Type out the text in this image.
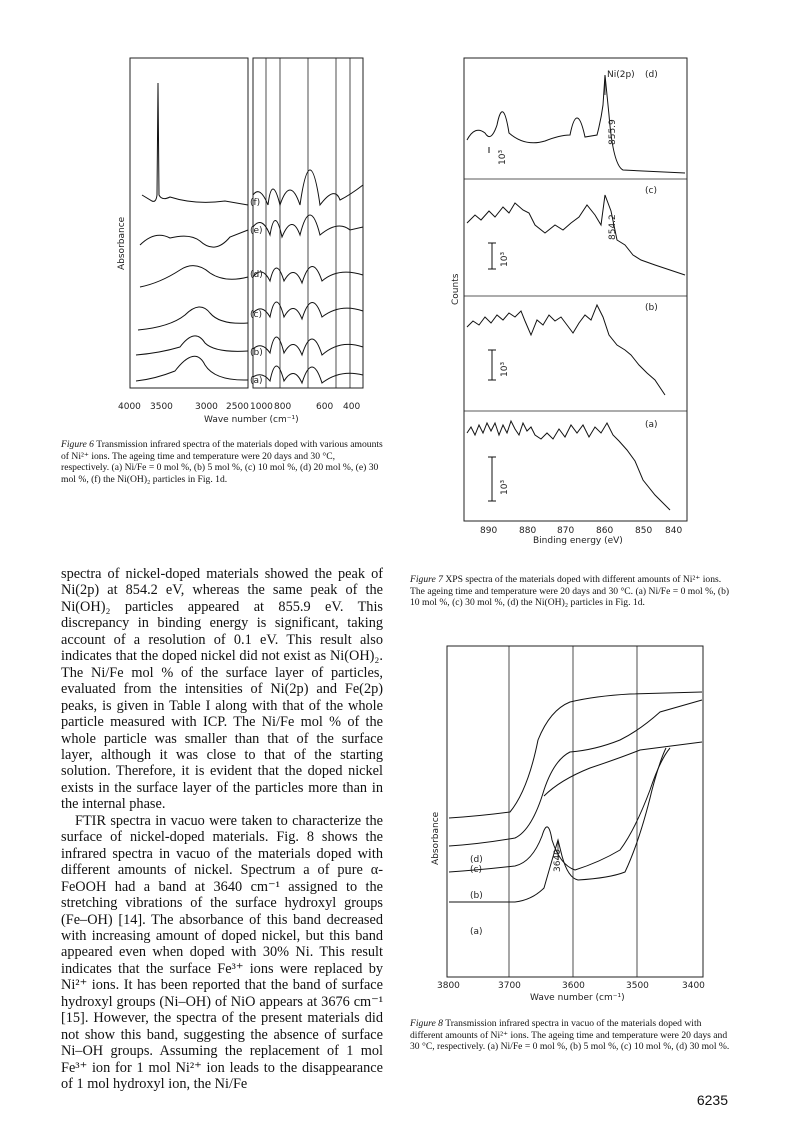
(f)
(e)
(d)
(c)
(b)
(a)
4000 3500 3000 2500 1000 800	600 400
Wave number (cm⁻¹)
Absorbance
Figure 6 Transmission infrared spectra of the materials doped with various amounts of Ni²⁺ ions. The ageing time and temperature were 20 days and 30 °C, respectively. (a) Ni/Fe = 0 mol %, (b) 5 mol %, (c) 10 mol %, (d) 20 mol %, (e) 30 mol %, (f) the Ni(OH)₂ particles in Fig. 1d.
10³
10³
10³
10³
Ni(2p)
855.9
854.2
(d)
(c)
(b)
(a)
890 880 870 860 850 840
Binding energy (eV)
Counts
Figure 7 XPS spectra of the materials doped with different amounts of Ni²⁺ ions. The ageing time and temperature were 20 days and 30 °C. (a) Ni/Fe = 0 mol %, (b) 10 mol %, (c) 30 mol %, (d) the Ni(OH)₂ particles in Fig. 1d.
3640
(d)
(c)
(b)
(a)
3800	3700	3600	3500	3400
Wave number (cm⁻¹)
Absorbance
Figure 8 Transmission infrared spectra in vacuo of the materials doped with different amounts of Ni²⁺ ions. The ageing time and temperature were 20 days and 30 °C, respectively. (a) Ni/Fe = 0 mol %, (b) 5 mol %, (c) 10 mol %, (d) 30 mol %.

spectra of nickel-doped materials showed the peak of Ni(2p) at 854.2 eV, whereas the same peak of the Ni(OH)₂ particles appeared at 855.9 eV. This discrepancy in binding energy is significant, taking account of a resolution of 0.1 eV. This result also indicates that the doped nickel did not exist as Ni(OH)₂. The Ni/Fe mol % of the surface layer of particles, evaluated from the intensities of Ni(2p) and Fe(2p) peaks, is given in Table I along with that of the whole particle measured with ICP. The Ni/Fe mol % of the whole particle was smaller than that of the surface layer, although it was close to that of the starting solution. Therefore, it is evident that the doped nickel exists in the surface layer of the particles more than in the internal phase.

FTIR spectra in vacuo were taken to characterize the surface of nickel-doped materials. Fig. 8 shows the infrared spectra in vacuo of the materials doped with different amounts of nickel. Spectrum a of pure α-FeOOH had a band at 3640 cm⁻¹ assigned to the stretching vibrations of the surface hydroxyl groups (Fe–OH) [14]. The absorbance of this band decreased with increasing amount of doped nickel, but this band appeared even when doped with 30% Ni. This result indicates that the surface Fe³⁺ ions were replaced by Ni²⁺ ions. It has been reported that the band of surface hydroxyl groups (Ni–OH) of NiO appears at 3676 cm⁻¹ [15]. However, the spectra of the present materials did not show this band, suggesting the absence of surface Ni–OH groups. Assuming the replacement of 1 mol Fe³⁺ ion for 1 mol Ni²⁺ ion leads to the disappearance of 1 mol hydroxyl ion, the Ni/Fe

6235
